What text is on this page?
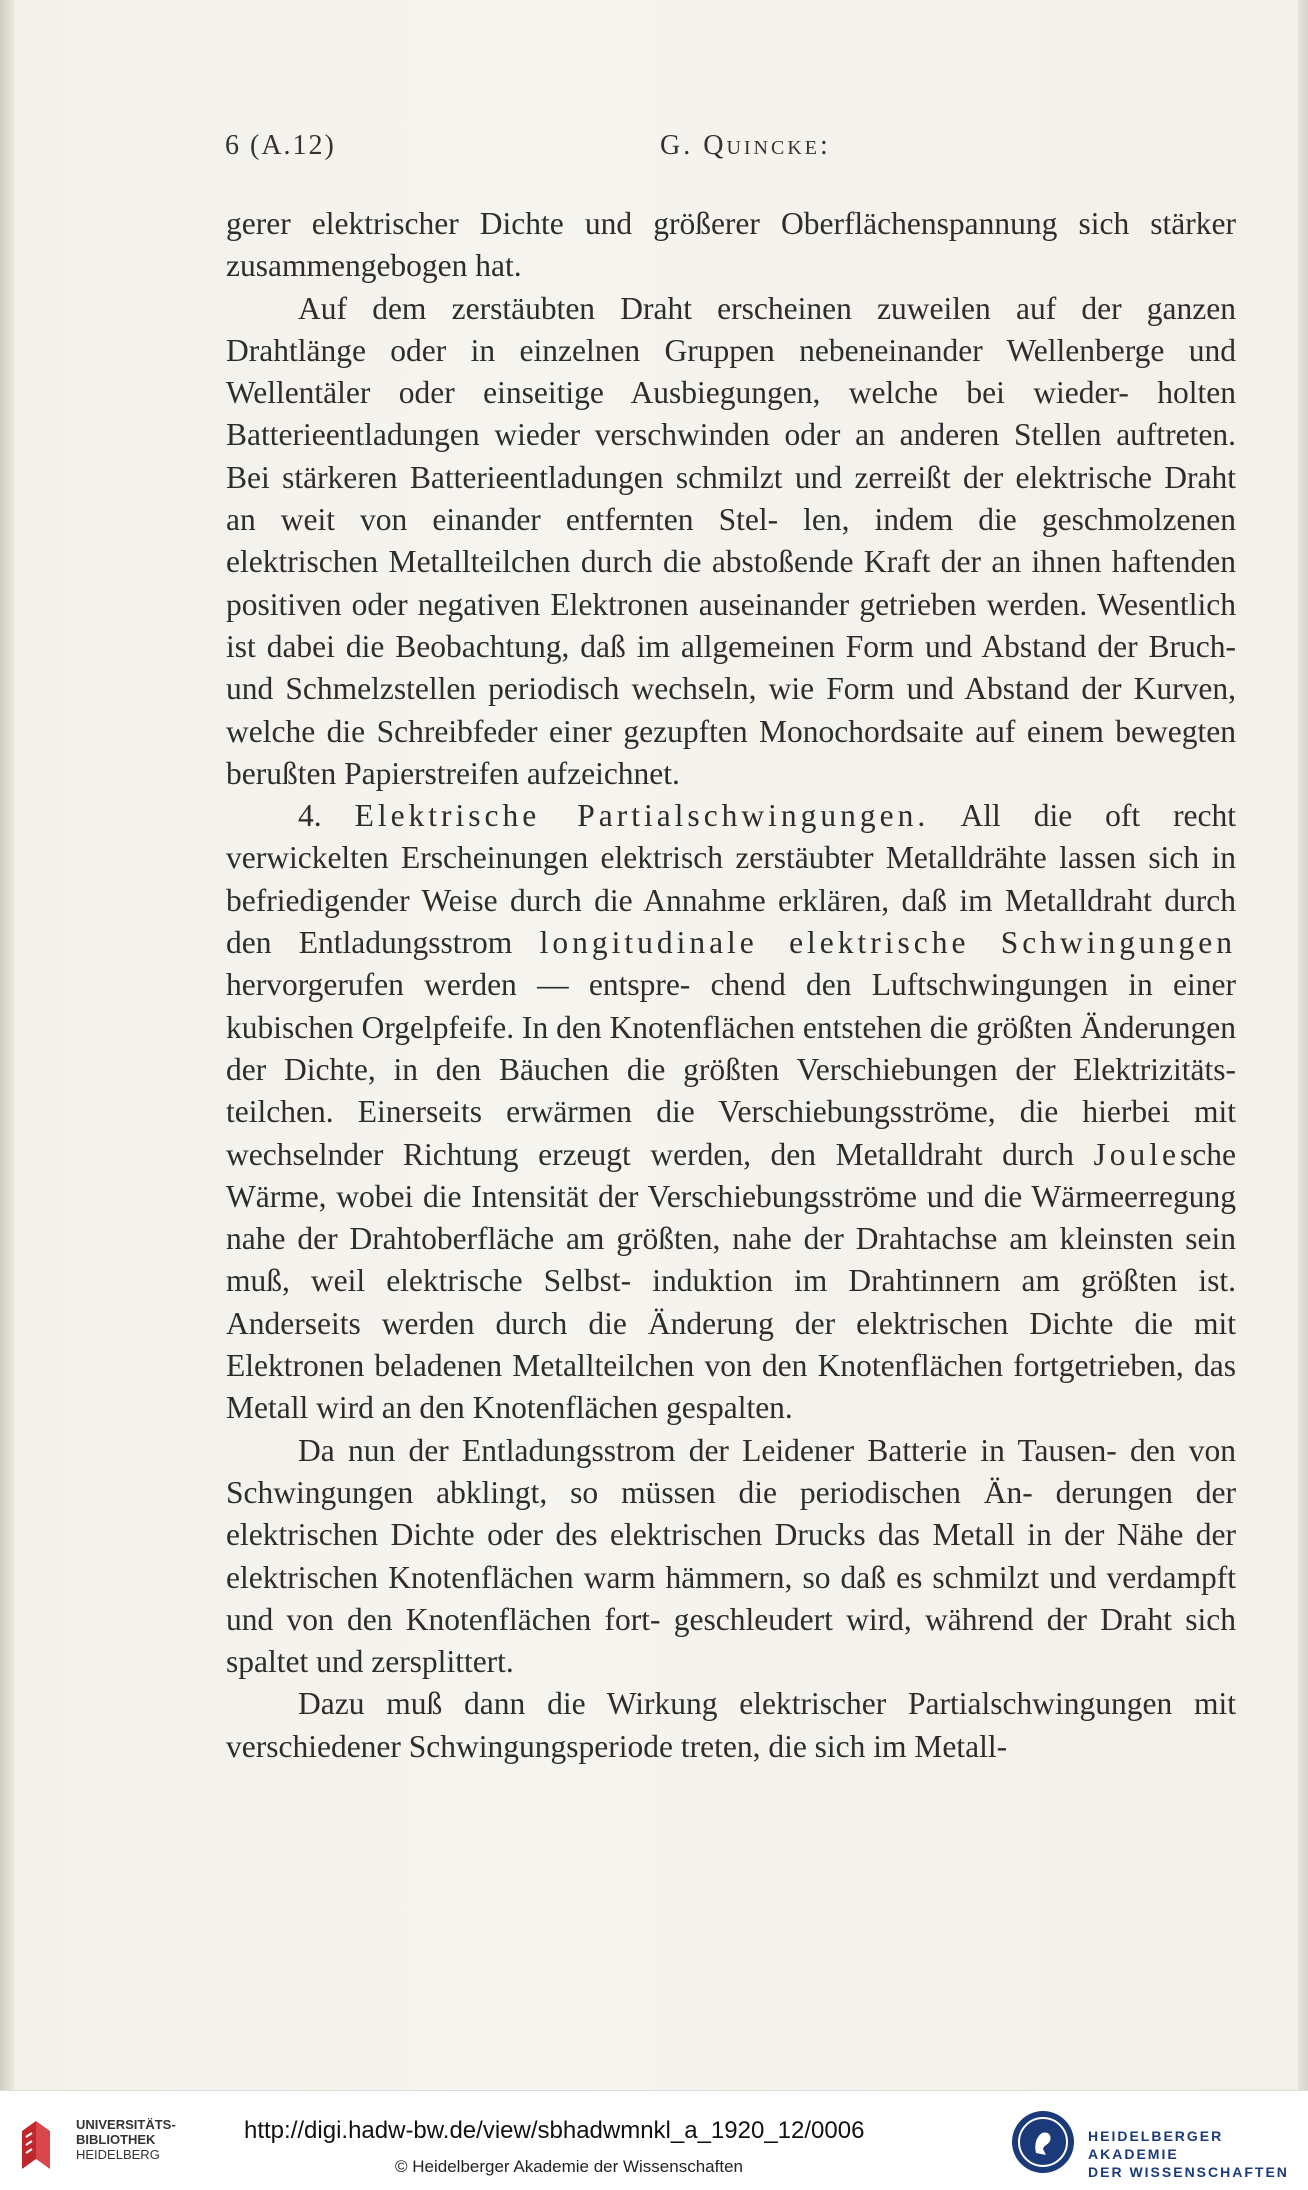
6 (A.12)	G. Quincke:

gerer elektrischer Dichte und größerer Oberflächenspannung sich stärker zusammengebogen hat.

Auf dem zerstäubten Draht erscheinen zuweilen auf der ganzen Drahtlänge oder in einzelnen Gruppen nebeneinander Wellenberge und Wellentäler oder einseitige Ausbiegungen, welche bei wieder- holten Batterieentladungen wieder verschwinden oder an anderen Stellen auftreten. Bei stärkeren Batterieentladungen schmilzt und zerreißt der elektrische Draht an weit von einander entfernten Stel- len, indem die geschmolzenen elektrischen Metallteilchen durch die abstoßende Kraft der an ihnen haftenden positiven oder negativen Elektronen auseinander getrieben werden. Wesentlich ist dabei die Beobachtung, daß im allgemeinen Form und Abstand der Bruch- und Schmelzstellen periodisch wechseln, wie Form und Abstand der Kurven, welche die Schreibfeder einer gezupften Monochordsaite auf einem bewegten berußten Papierstreifen aufzeichnet.

4. Elektrische Partialschwingungen. All die oft recht verwickelten Erscheinungen elektrisch zerstäubter Metalldrähte lassen sich in befriedigender Weise durch die Annahme erklären, daß im Metalldraht durch den Entladungsstrom longitudinale elektrische Schwingungen hervorgerufen werden — entspre- chend den Luftschwingungen in einer kubischen Orgelpfeife. In den Knotenflächen entstehen die größten Änderungen der Dichte, in den Bäuchen die größten Verschiebungen der Elektrizitäts- teilchen. Einerseits erwärmen die Verschiebungsströme, die hierbei mit wechselnder Richtung erzeugt werden, den Metalldraht durch Joulesche Wärme, wobei die Intensität der Verschiebungsströme und die Wärmeerregung nahe der Drahtoberfläche am größten, nahe der Drahtachse am kleinsten sein muß, weil elektrische Selbst- induktion im Drahtinnern am größten ist. Anderseits werden durch die Änderung der elektrischen Dichte die mit Elektronen beladenen Metallteilchen von den Knotenflächen fortgetrieben, das Metall wird an den Knotenflächen gespalten.

Da nun der Entladungsstrom der Leidener Batterie in Tausen- den von Schwingungen abklingt, so müssen die periodischen Än- derungen der elektrischen Dichte oder des elektrischen Drucks das Metall in der Nähe der elektrischen Knotenflächen warm hämmern, so daß es schmilzt und verdampft und von den Knotenflächen fort- geschleudert wird, während der Draht sich spaltet und zersplittert.

Dazu muß dann die Wirkung elektrischer Partialschwingungen mit verschiedener Schwingungsperiode treten, die sich im Metall-

UNIVERSITÄTS-
BIBLIOTHEK
HEIDELBERG
http://digi.hadw-bw.de/view/sbhadwmnkl_a_1920_12/0006
© Heidelberger Akademie der Wissenschaften
HEIDELBERGER AKADEMIE
DER WISSENSCHAFTEN
